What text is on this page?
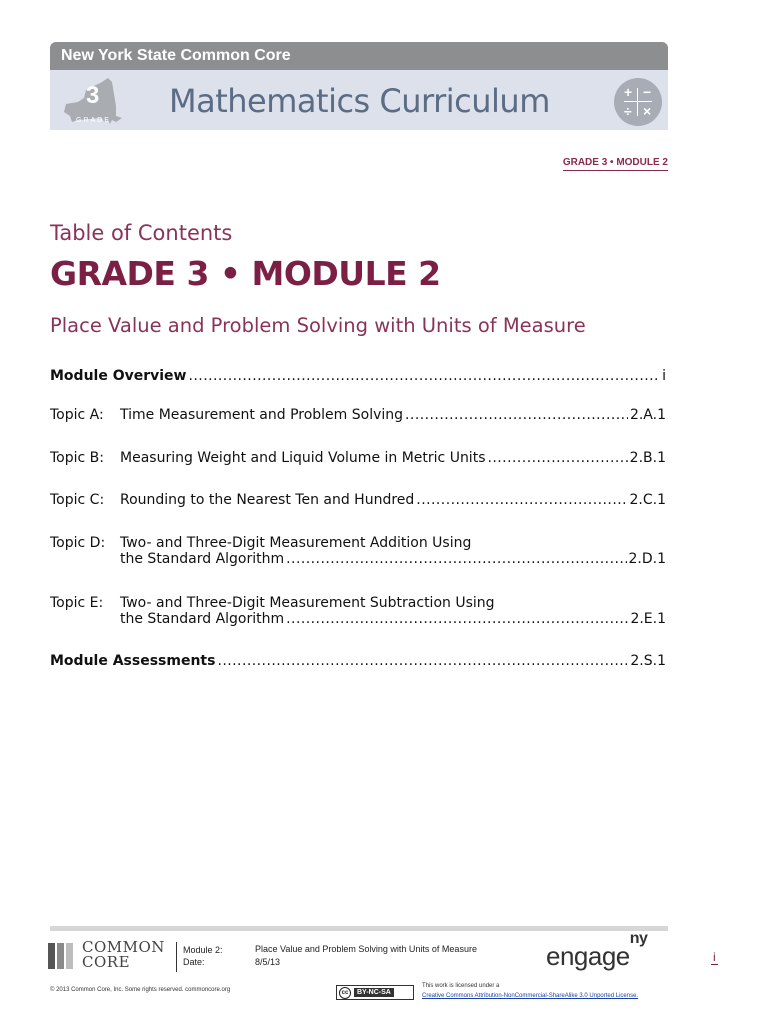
New York State Common Core
3
GRADE
Mathematics Curriculum	+ −
÷ ×
GRADE 3 • MODULE 2
Table of Contents
GRADE 3 • MODULE 2
Place Value and Problem Solving with Units of Measure
Module Overview . . .	i
Topic A:	Time Measurement and Problem Solving . . .	2.A.1
Topic B:	Measuring Weight and Liquid Volume in Metric Units . . .	2.B.1
Topic C:	Rounding to the Nearest Ten and Hundred . . .	2.C.1
Topic D:	Two- and Three-Digit Measurement Addition Using
the Standard Algorithm . . .	2.D.1
Topic E:	Two- and Three-Digit Measurement Subtraction Using
the Standard Algorithm . . .	2.E.1
Module Assessments . . .	2.S.1
COMMON
CORE
Module 2:
Date:	8/5/13
Place Value and Problem Solving with Units of Measure	engage$^{ny}$
i
© 2013 Common Core, Inc. Some rights reserved. commoncore.org	cc	BY-NC-SA
This work is licensed under a
Creative Commons Attribution-NonCommercial-ShareAlike 3.0 Unported License.
